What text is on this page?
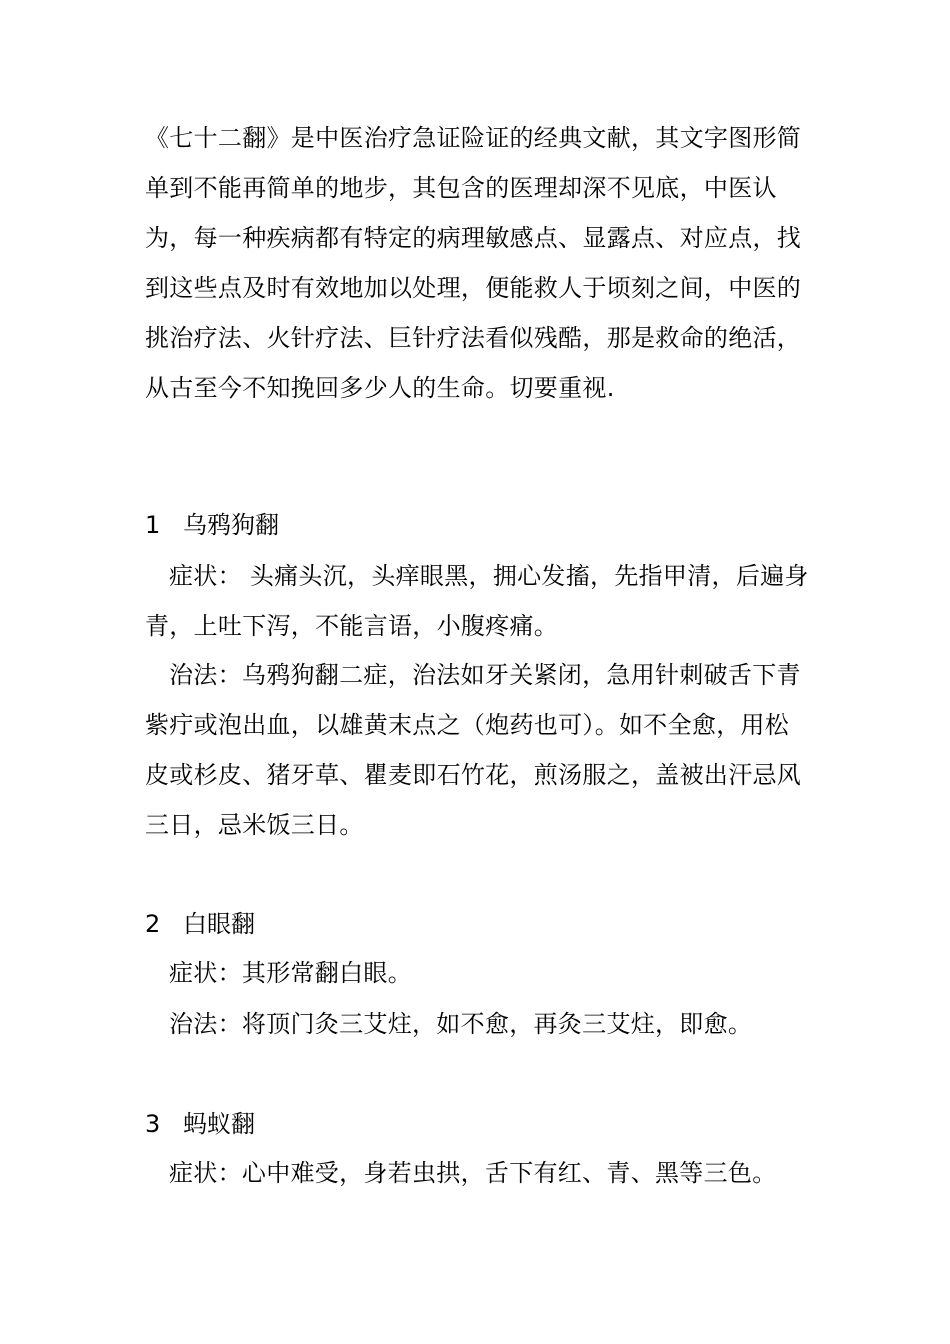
《七十二翻》是中医治疗急证险证的经典文献，其文字图形简单到不能再简单的地步，其包含的医理却深不见底，中医认为，每一种疾病都有特定的病理敏感点、显露点、对应点，找到这些点及时有效地加以处理，便能救人于顷刻之间，中医的挑治疗法、火针疗法、巨针疗法看似残酷，那是救命的绝活，从古至今不知挽回多少人的生命。切要重视.

1 乌鸦狗翻

症状： 头痛头沉，头痒眼黑，拥心发搐，先指甲清，后遍身青，上吐下泻，不能言语，小腹疼痛。

治法：乌鸦狗翻二症，治法如牙关紧闭，急用针刺破舌下青紫疔或泡出血，以雄黄末点之（炮药也可）。如不全愈，用松皮或杉皮、猪牙草、瞿麦即石竹花，煎汤服之，盖被出汗忌风三日，忌米饭三日。

2 白眼翻

症状：其形常翻白眼。

治法：将顶门灸三艾炷，如不愈，再灸三艾炷，即愈。

3 蚂蚁翻

症状：心中难受，身若虫拱，舌下有红、青、黑等三色。
